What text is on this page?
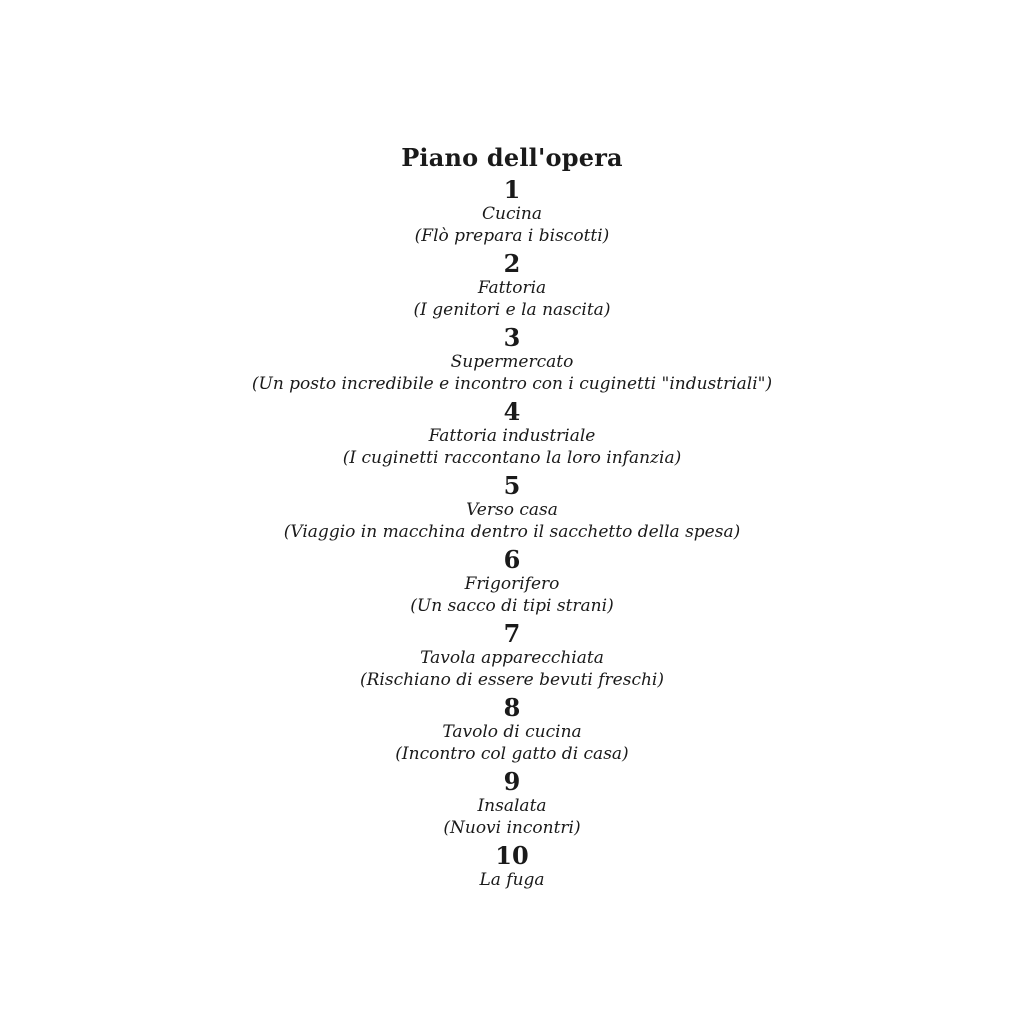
Piano dell'opera
1
Cucina
(Flò prepara i biscotti)
2
Fattoria
(I genitori e la nascita)
3
Supermercato
(Un posto incredibile e incontro con i cuginetti "industriali")
4
Fattoria industriale
(I cuginetti raccontano la loro infanzia)
5
Verso casa
(Viaggio in macchina dentro il sacchetto della spesa)
6
Frigorifero
(Un sacco di tipi strani)
7
Tavola apparecchiata
(Rischiano di essere bevuti freschi)
8
Tavolo di cucina
(Incontro col gatto di casa)
9
Insalata
(Nuovi incontri)
10
La fuga
